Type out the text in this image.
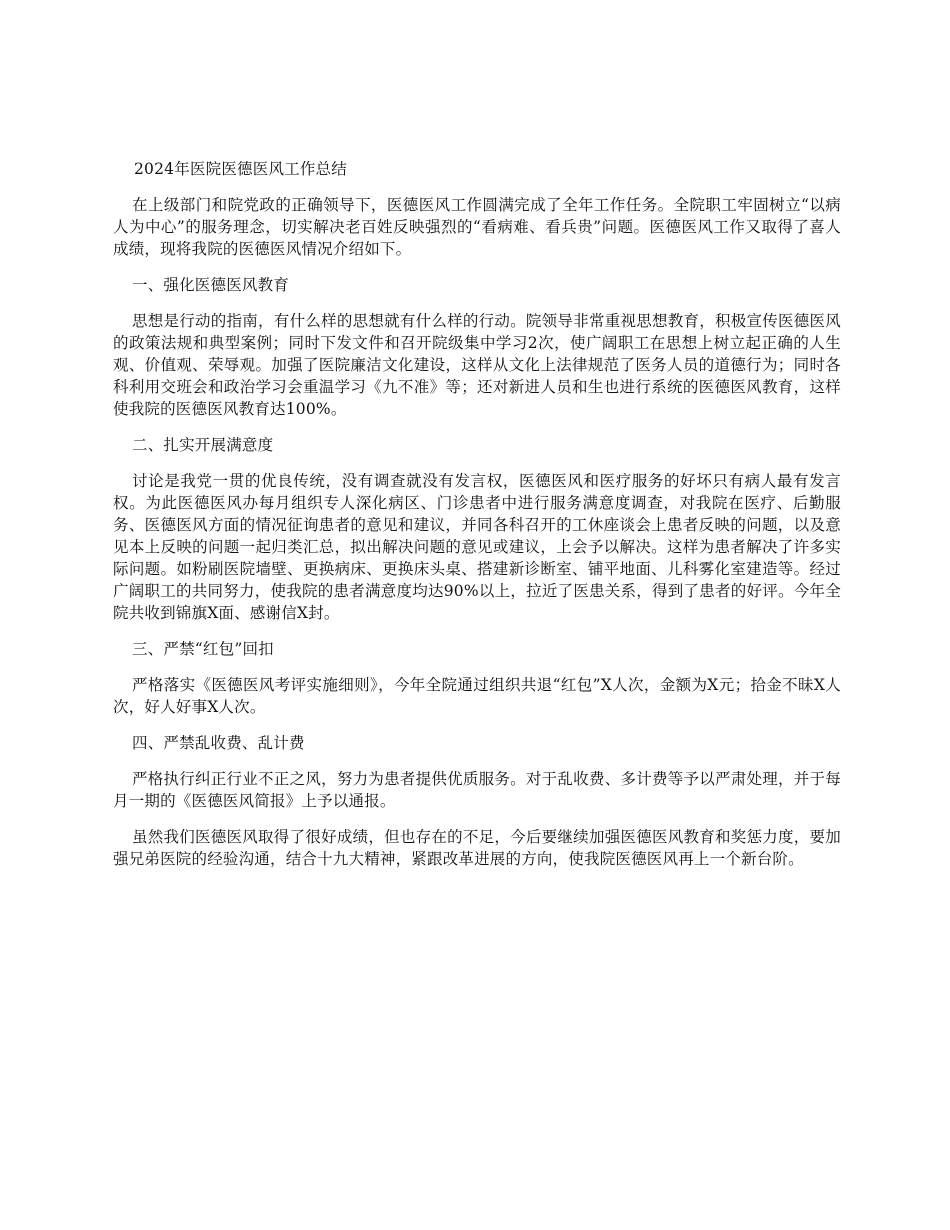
2024年医院医德医风工作总结
在上级部门和院党政的正确领导下，医德医风工作圆满完成了全年工作任务。全院职工牢固树立“以病人为中心”的服务理念，切实解决老百姓反映强烈的“看病难、看兵贵”问题。医德医风工作又取得了喜人成绩，现将我院的医德医风情况介绍如下。
一、强化医德医风教育
思想是行动的指南，有什么样的思想就有什么样的行动。院领导非常重视思想教育，积极宣传医德医风的政策法规和典型案例；同时下发文件和召开院级集中学习2次，使广阔职工在思想上树立起正确的人生观、价值观、荣辱观。加强了医院廉洁文化建设，这样从文化上法律规范了医务人员的道德行为；同时各科利用交班会和政治学习会重温学习《九不准》等；还对新进人员和生也进行系统的医德医风教育，这样使我院的医德医风教育达100%。
二、扎实开展满意度
讨论是我党一贯的优良传统，没有调查就没有发言权，医德医风和医疗服务的好坏只有病人最有发言权。为此医德医风办每月组织专人深化病区、门诊患者中进行服务满意度调查，对我院在医疗、后勤服务、医德医风方面的情况征询患者的意见和建议，并同各科召开的工休座谈会上患者反映的问题，以及意见本上反映的问题一起归类汇总，拟出解决问题的意见或建议，上会予以解决。这样为患者解决了许多实际问题。如粉刷医院墙壁、更换病床、更换床头桌、搭建新诊断室、铺平地面、儿科雾化室建造等。经过广阔职工的共同努力，使我院的患者满意度均达90%以上，拉近了医患关系，得到了患者的好评。今年全院共收到锦旗X面、感谢信X封。
三、严禁“红包”回扣
严格落实《医德医风考评实施细则》，今年全院通过组织共退“红包”X人次，金额为X元；拾金不昧X人次，好人好事X人次。
四、严禁乱收费、乱计费
严格执行纠正行业不正之风，努力为患者提供优质服务。对于乱收费、多计费等予以严肃处理，并于每月一期的《医德医风简报》上予以通报。
虽然我们医德医风取得了很好成绩，但也存在的不足，今后要继续加强医德医风教育和奖惩力度，要加强兄弟医院的经验沟通，结合十九大精神，紧跟改革进展的方向，使我院医德医风再上一个新台阶。
